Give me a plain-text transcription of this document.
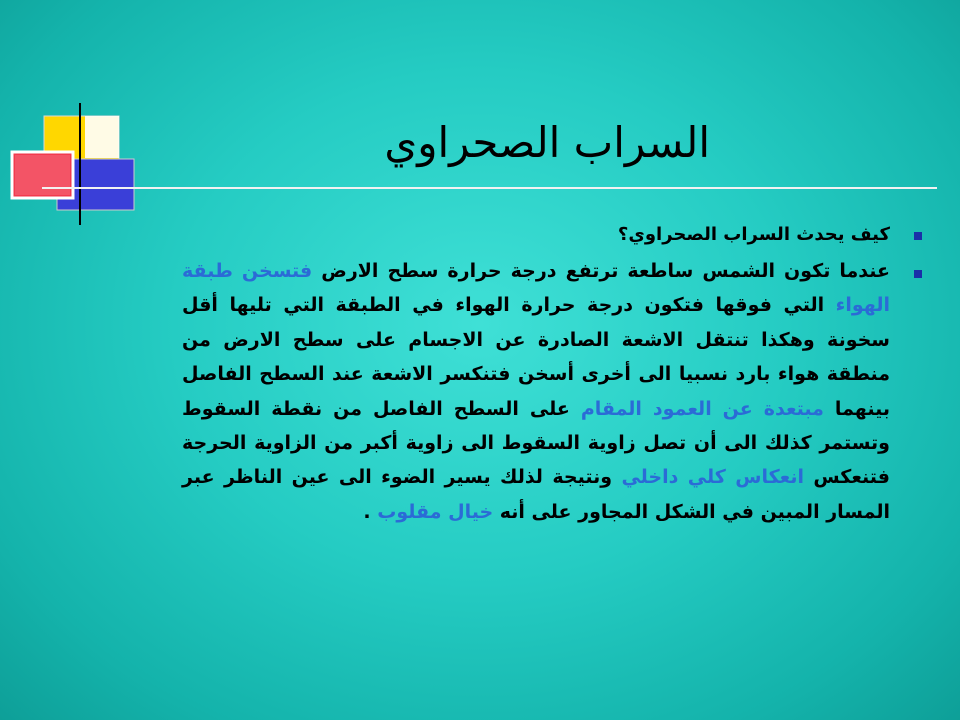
السراب الصحراوي
كيف يحدث السراب الصحراوي؟
عندما تكون الشمس ساطعة ترتفع درجة حرارة سطح الارض فتسخن طبقة الهواء التي فوقها فتكون درجة حرارة الهواء في الطبقة التي تليها أقل سخونة وهكذا تنتقل الاشعة الصادرة عن الاجسام على سطح الارض من منطقة هواء بارد نسبيا الى أخرى أسخن فتنكسر الاشعة عند السطح الفاصل بينهما مبتعدة عن العمود المقام على السطح الفاصل من نقطة السقوط وتستمر كذلك الى أن تصل زاوية السقوط الى زاوية أكبر من الزاوية الحرجة فتنعكس انعكاس كلي داخلي ونتيجة لذلك يسير الضوء الى عين الناظر عبر المسار المبين في الشكل المجاور على أنه خيال مقلوب .
